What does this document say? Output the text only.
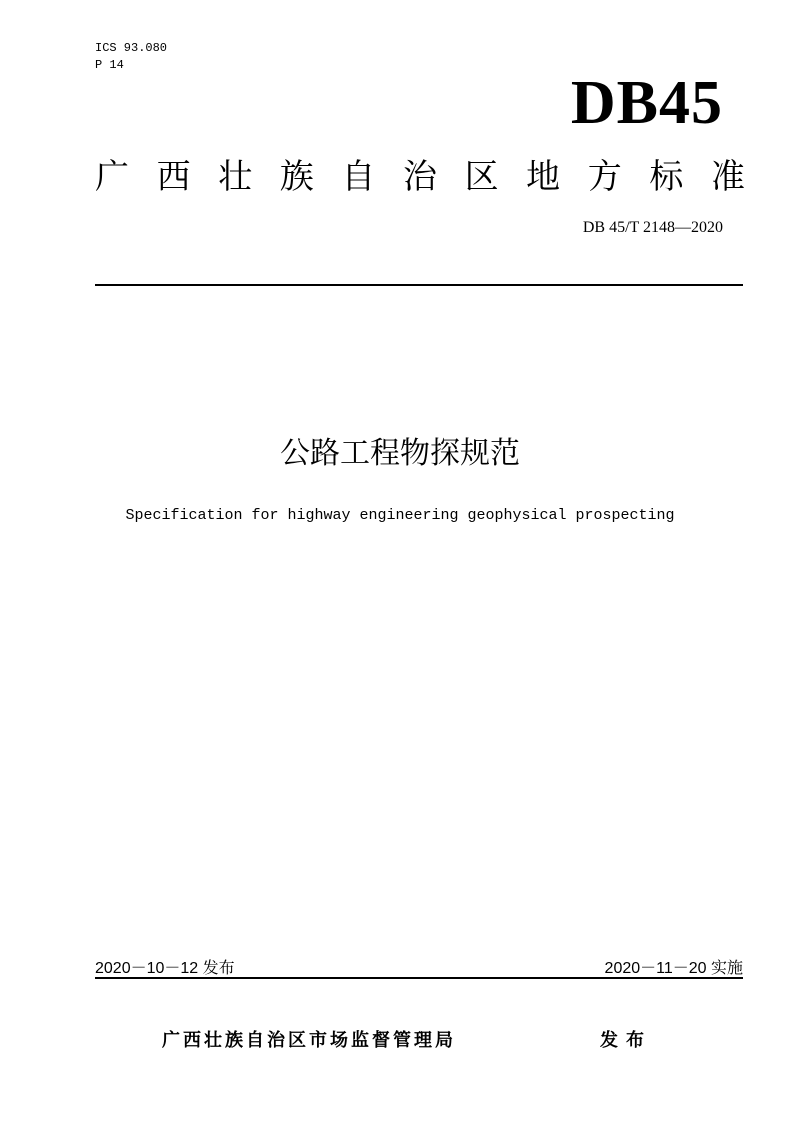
ICS 93.080
P 14
DB45
广 西 壮 族 自 治 区 地 方 标 准
DB 45/T 2148—2020
公路工程物探规范
Specification for highway engineering geophysical prospecting
2020－10－12 发布	2020－11－20 实施
广西壮族自治区市场监督管理局	发布
